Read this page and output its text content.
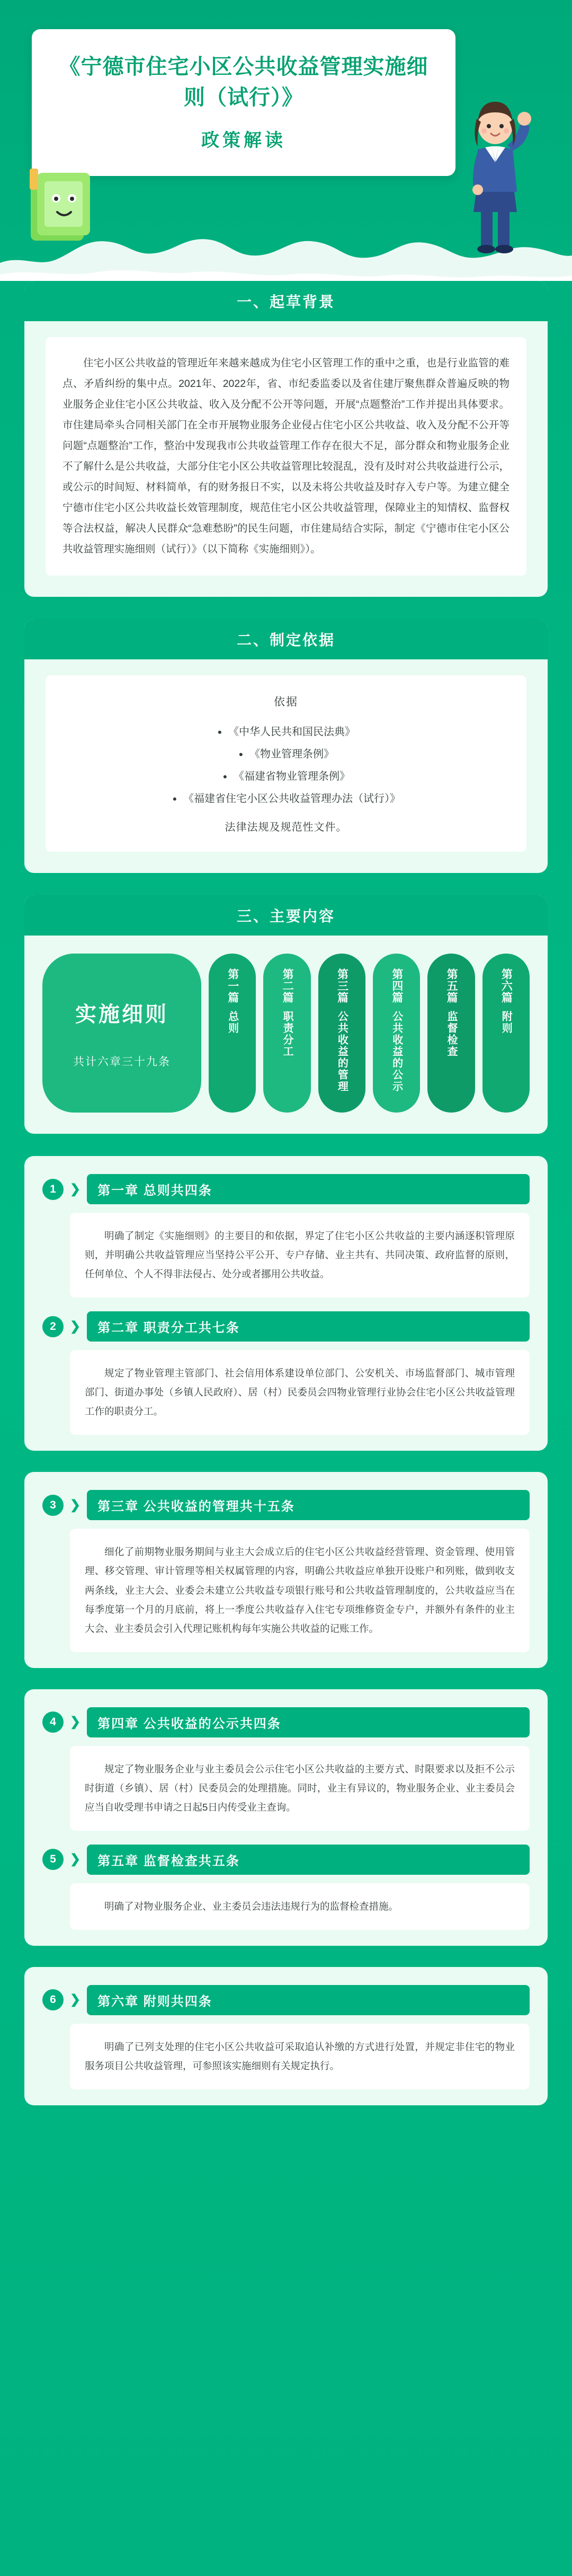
《宁德市住宅小区公共收益管理实施细则（试行）》
政策解读
一、起草背景
住宅小区公共收益的管理近年来越来越成为住宅小区管理工作的重中之重，也是行业监管的难点、矛盾纠纷的集中点。2021年、2022年，省、市纪委监委以及省住建厅聚焦群众普遍反映的物业服务企业住宅小区公共收益、收入及分配不公开等问题，开展“点题整治”工作并提出具体要求。市住建局牵头合同相关部门在全市开展物业服务企业侵占住宅小区公共收益、收入及分配不公开等问题“点题整治”工作，整治中发现我市公共收益管理工作存在很大不足，部分群众和物业服务企业不了解什么是公共收益，大部分住宅小区公共收益管理比较混乱，没有及时对公共收益进行公示，或公示的时间短、材料简单，有的财务报日不实，以及未将公共收益及时存入专户等。为建立健全宁德市住宅小区公共收益长效管理制度，规范住宅小区公共收益管理，保障业主的知情权、监督权等合法权益，解决人民群众“急难愁盼”的民生问题，市住建局结合实际，制定《宁德市住宅小区公共收益管理实施细则（试行）》（以下简称《实施细则》）。
二、制定依据
依据
• 《中华人民共和国民法典》
• 《物业管理条例》
• 《福建省物业管理条例》
• 《福建省住宅小区公共收益管理办法（试行）》
法律法规及规范性文件。
三、主要内容
实施细则
共计六章三十九条
第一篇
总则
第二篇
职责分工
第三篇
公共收益的管理
第四篇
公共收益的公示
第五篇
监督检查
第六篇
附则
1	❯	第一章 总则共四条
明确了制定《实施细则》的主要目的和依据，界定了住宅小区公共收益的主要内涵逐积管理原则，并明确公共收益管理应当坚持公平公开、专户存储、业主共有、共同决策、政府监督的原则，任何单位、个人不得非法侵占、处分或者挪用公共收益。
2	❯	第二章 职责分工共七条
规定了物业管理主管部门、社会信用体系建设单位部门、公安机关、市场监督部门、城市管理部门、街道办事处（乡镇人民政府）、居（村）民委员会四物业管理行业协会住宅小区公共收益管理工作的职责分工。
3	❯	第三章 公共收益的管理共十五条
细化了前期物业服务期间与业主大会成立后的住宅小区公共收益经营管理、资金管理、使用管理、移交管理、审计管理等相关权属管理的内容，明确公共收益应单独开设账户和列账，做到收支两条线，业主大会、业委会未建立公共收益专项银行账号和公共收益管理制度的，公共收益应当在每季度第一个月的月底前，将上一季度公共收益存入住宅专项维修资金专户，并额外有条件的业主大会、业主委员会引入代理记账机构每年实施公共收益的记账工作。
4	❯	第四章 公共收益的公示共四条
规定了物业服务企业与业主委员会公示住宅小区公共收益的主要方式、时限要求以及拒不公示时街道（乡镇）、居（村）民委员会的处理措施。同时，业主有异议的，物业服务企业、业主委员会应当自收受理书申请之日起5日内传受业主查询。
5	❯	第五章 监督检查共五条
明确了对物业服务企业、业主委员会违法违规行为的监督检查措施。
6	❯	第六章 附则共四条
明确了已列支处理的住宅小区公共收益可采取追认补缴的方式进行处置，并规定非住宅的物业服务项目公共收益管理，可参照该实施细则有关规定执行。
